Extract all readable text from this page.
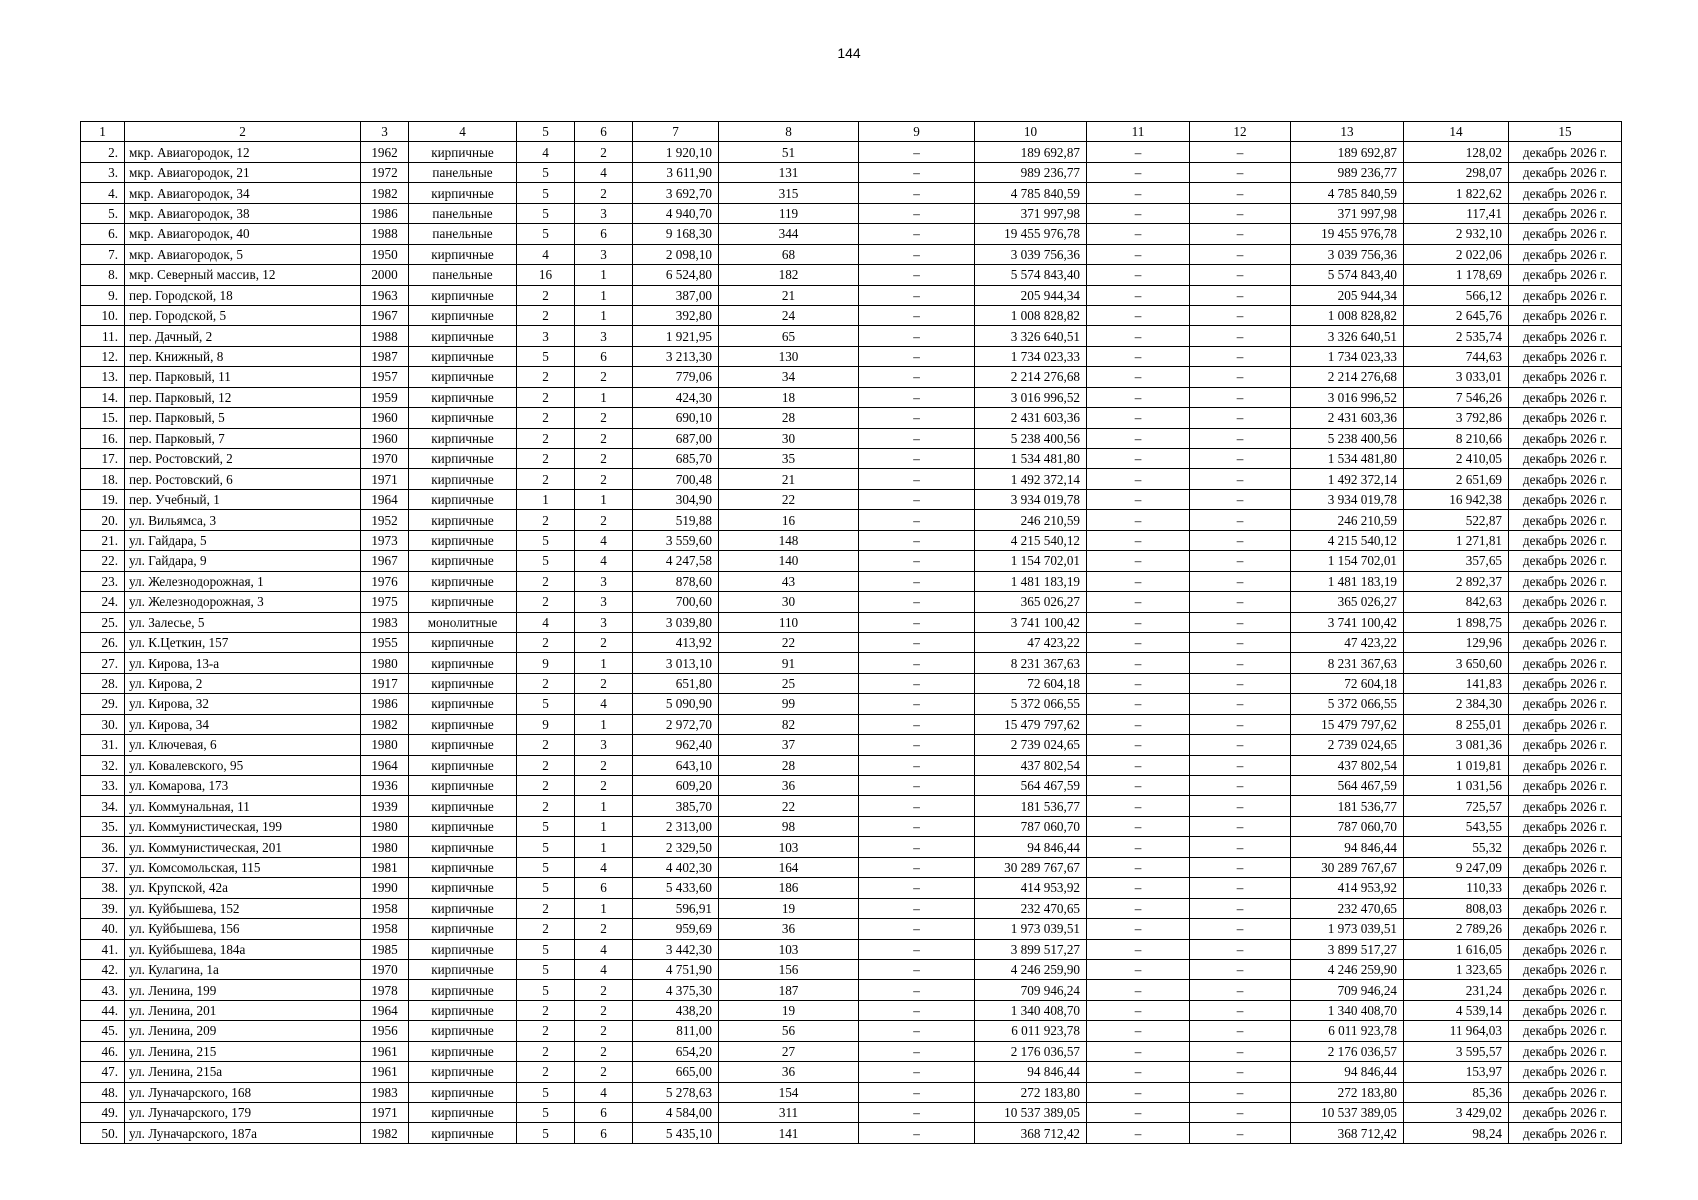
144
1	2	3	4	5	6	7	8	9	10	11	12	13	14	15
2.	мкр. Авиагородок, 12	1962	кирпичные	4	2	1 920,10	51	–	189 692,87	–	–	189 692,87	128,02	декабрь 2026 г.
3.	мкр. Авиагородок, 21	1972	панельные	5	4	3 611,90	131	–	989 236,77	–	–	989 236,77	298,07	декабрь 2026 г.
4.	мкр. Авиагородок, 34	1982	кирпичные	5	2	3 692,70	315	–	4 785 840,59	–	–	4 785 840,59	1 822,62	декабрь 2026 г.
5.	мкр. Авиагородок, 38	1986	панельные	5	3	4 940,70	119	–	371 997,98	–	–	371 997,98	117,41	декабрь 2026 г.
6.	мкр. Авиагородок, 40	1988	панельные	5	6	9 168,30	344	–	19 455 976,78	–	–	19 455 976,78	2 932,10	декабрь 2026 г.
7.	мкр. Авиагородок, 5	1950	кирпичные	4	3	2 098,10	68	–	3 039 756,36	–	–	3 039 756,36	2 022,06	декабрь 2026 г.
8.	мкр. Северный массив, 12	2000	панельные	16	1	6 524,80	182	–	5 574 843,40	–	–	5 574 843,40	1 178,69	декабрь 2026 г.
9.	пер. Городской, 18	1963	кирпичные	2	1	387,00	21	–	205 944,34	–	–	205 944,34	566,12	декабрь 2026 г.
10.	пер. Городской, 5	1967	кирпичные	2	1	392,80	24	–	1 008 828,82	–	–	1 008 828,82	2 645,76	декабрь 2026 г.
11.	пер. Дачный, 2	1988	кирпичные	3	3	1 921,95	65	–	3 326 640,51	–	–	3 326 640,51	2 535,74	декабрь 2026 г.
12.	пер. Книжный, 8	1987	кирпичные	5	6	3 213,30	130	–	1 734 023,33	–	–	1 734 023,33	744,63	декабрь 2026 г.
13.	пер. Парковый, 11	1957	кирпичные	2	2	779,06	34	–	2 214 276,68	–	–	2 214 276,68	3 033,01	декабрь 2026 г.
14.	пер. Парковый, 12	1959	кирпичные	2	1	424,30	18	–	3 016 996,52	–	–	3 016 996,52	7 546,26	декабрь 2026 г.
15.	пер. Парковый, 5	1960	кирпичные	2	2	690,10	28	–	2 431 603,36	–	–	2 431 603,36	3 792,86	декабрь 2026 г.
16.	пер. Парковый, 7	1960	кирпичные	2	2	687,00	30	–	5 238 400,56	–	–	5 238 400,56	8 210,66	декабрь 2026 г.
17.	пер. Ростовский, 2	1970	кирпичные	2	2	685,70	35	–	1 534 481,80	–	–	1 534 481,80	2 410,05	декабрь 2026 г.
18.	пер. Ростовский, 6	1971	кирпичные	2	2	700,48	21	–	1 492 372,14	–	–	1 492 372,14	2 651,69	декабрь 2026 г.
19.	пер. Учебный, 1	1964	кирпичные	1	1	304,90	22	–	3 934 019,78	–	–	3 934 019,78	16 942,38	декабрь 2026 г.
20.	ул. Вильямса, 3	1952	кирпичные	2	2	519,88	16	–	246 210,59	–	–	246 210,59	522,87	декабрь 2026 г.
21.	ул. Гайдара, 5	1973	кирпичные	5	4	3 559,60	148	–	4 215 540,12	–	–	4 215 540,12	1 271,81	декабрь 2026 г.
22.	ул. Гайдара, 9	1967	кирпичные	5	4	4 247,58	140	–	1 154 702,01	–	–	1 154 702,01	357,65	декабрь 2026 г.
23.	ул. Железнодорожная, 1	1976	кирпичные	2	3	878,60	43	–	1 481 183,19	–	–	1 481 183,19	2 892,37	декабрь 2026 г.
24.	ул. Железнодорожная, 3	1975	кирпичные	2	3	700,60	30	–	365 026,27	–	–	365 026,27	842,63	декабрь 2026 г.
25.	ул. Залесье, 5	1983	монолитные	4	3	3 039,80	110	–	3 741 100,42	–	–	3 741 100,42	1 898,75	декабрь 2026 г.
26.	ул. К.Цеткин, 157	1955	кирпичные	2	2	413,92	22	–	47 423,22	–	–	47 423,22	129,96	декабрь 2026 г.
27.	ул. Кирова, 13-а	1980	кирпичные	9	1	3 013,10	91	–	8 231 367,63	–	–	8 231 367,63	3 650,60	декабрь 2026 г.
28.	ул. Кирова, 2	1917	кирпичные	2	2	651,80	25	–	72 604,18	–	–	72 604,18	141,83	декабрь 2026 г.
29.	ул. Кирова, 32	1986	кирпичные	5	4	5 090,90	99	–	5 372 066,55	–	–	5 372 066,55	2 384,30	декабрь 2026 г.
30.	ул. Кирова, 34	1982	кирпичные	9	1	2 972,70	82	–	15 479 797,62	–	–	15 479 797,62	8 255,01	декабрь 2026 г.
31.	ул. Ключевая, 6	1980	кирпичные	2	3	962,40	37	–	2 739 024,65	–	–	2 739 024,65	3 081,36	декабрь 2026 г.
32.	ул. Ковалевского, 95	1964	кирпичные	2	2	643,10	28	–	437 802,54	–	–	437 802,54	1 019,81	декабрь 2026 г.
33.	ул. Комарова, 173	1936	кирпичные	2	2	609,20	36	–	564 467,59	–	–	564 467,59	1 031,56	декабрь 2026 г.
34.	ул. Коммунальная, 11	1939	кирпичные	2	1	385,70	22	–	181 536,77	–	–	181 536,77	725,57	декабрь 2026 г.
35.	ул. Коммунистическая, 199	1980	кирпичные	5	1	2 313,00	98	–	787 060,70	–	–	787 060,70	543,55	декабрь 2026 г.
36.	ул. Коммунистическая, 201	1980	кирпичные	5	1	2 329,50	103	–	94 846,44	–	–	94 846,44	55,32	декабрь 2026 г.
37.	ул. Комсомольская, 115	1981	кирпичные	5	4	4 402,30	164	–	30 289 767,67	–	–	30 289 767,67	9 247,09	декабрь 2026 г.
38.	ул. Крупской, 42а	1990	кирпичные	5	6	5 433,60	186	–	414 953,92	–	–	414 953,92	110,33	декабрь 2026 г.
39.	ул. Куйбышева, 152	1958	кирпичные	2	1	596,91	19	–	232 470,65	–	–	232 470,65	808,03	декабрь 2026 г.
40.	ул. Куйбышева, 156	1958	кирпичные	2	2	959,69	36	–	1 973 039,51	–	–	1 973 039,51	2 789,26	декабрь 2026 г.
41.	ул. Куйбышева, 184а	1985	кирпичные	5	4	3 442,30	103	–	3 899 517,27	–	–	3 899 517,27	1 616,05	декабрь 2026 г.
42.	ул. Кулагина, 1а	1970	кирпичные	5	4	4 751,90	156	–	4 246 259,90	–	–	4 246 259,90	1 323,65	декабрь 2026 г.
43.	ул. Ленина, 199	1978	кирпичные	5	2	4 375,30	187	–	709 946,24	–	–	709 946,24	231,24	декабрь 2026 г.
44.	ул. Ленина, 201	1964	кирпичные	2	2	438,20	19	–	1 340 408,70	–	–	1 340 408,70	4 539,14	декабрь 2026 г.
45.	ул. Ленина, 209	1956	кирпичные	2	2	811,00	56	–	6 011 923,78	–	–	6 011 923,78	11 964,03	декабрь 2026 г.
46.	ул. Ленина, 215	1961	кирпичные	2	2	654,20	27	–	2 176 036,57	–	–	2 176 036,57	3 595,57	декабрь 2026 г.
47.	ул. Ленина, 215а	1961	кирпичные	2	2	665,00	36	–	94 846,44	–	–	94 846,44	153,97	декабрь 2026 г.
48.	ул. Луначарского, 168	1983	кирпичные	5	4	5 278,63	154	–	272 183,80	–	–	272 183,80	85,36	декабрь 2026 г.
49.	ул. Луначарского, 179	1971	кирпичные	5	6	4 584,00	311	–	10 537 389,05	–	–	10 537 389,05	3 429,02	декабрь 2026 г.
50.	ул. Луначарского, 187а	1982	кирпичные	5	6	5 435,10	141	–	368 712,42	–	–	368 712,42	98,24	декабрь 2026 г.
